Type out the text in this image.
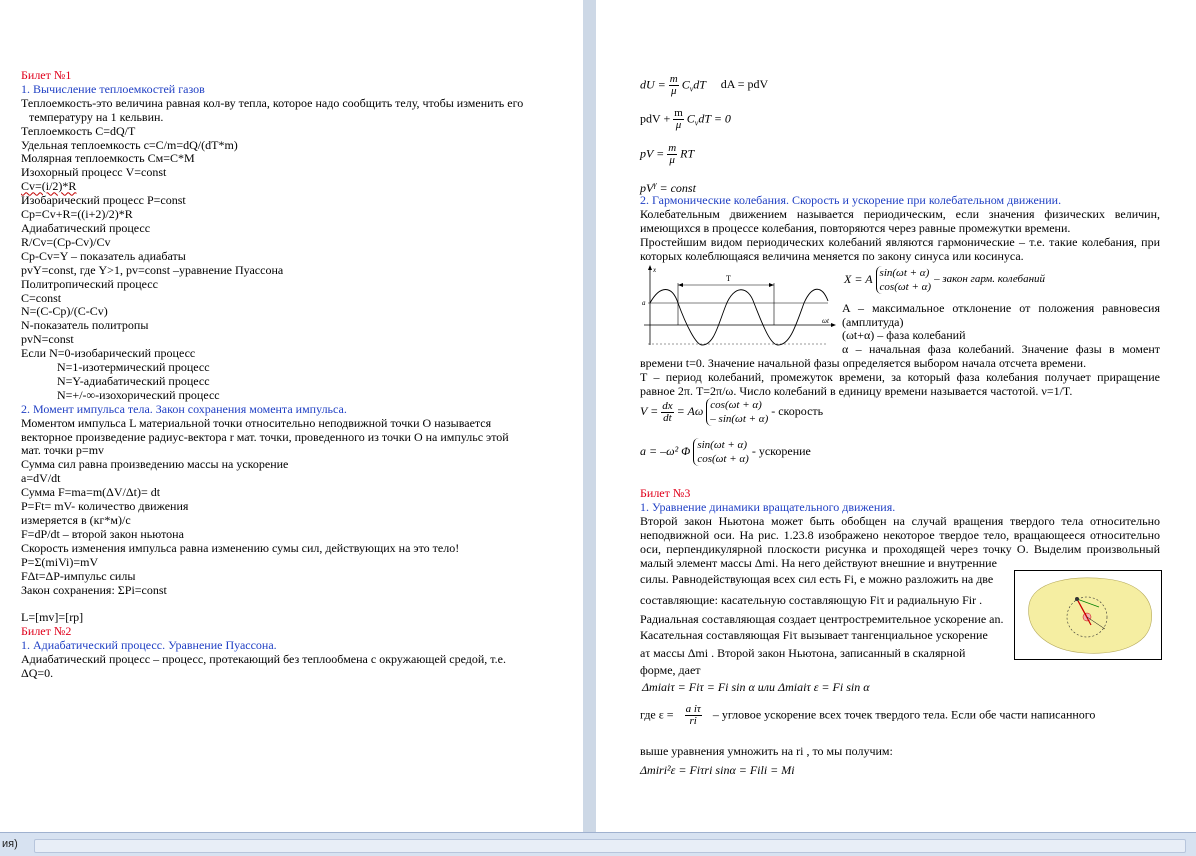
Билет №1

1. Вычисление теплоемкостей газов

Теплоемкость-это величина равная кол-ву тепла, которое надо сообщить телу, чтобы изменить его

температуру на 1 кельвин.

Теплоемкость C=dQ/T

Удельная теплоемкость с=C/m=dQ/(dT*m)

Молярная теплоемкость Cм=C*M

Изохорный процесс V=const

Cv=(i/2)*R

Изобарический процесс P=const

Cp=Cv+R=((i+2)/2)*R

Адиабатический процесс

R/Cv=(Cp-Cv)/Cv

Cp-Cv=Y – показатель адиабаты

pvY=const, где Y>1, pv=const –уравнение Пуассона

Политропический процесс

C=const

N=(C-Cp)/(C-Cv)

N-показатель политропы

pvN=const

Если N=0-изобарический процесс

N=1-изотермический процесс

N=Y-адиабатический процесс

N=+/-∞-изохорический процесс

2. Момент импульса тела. Закон сохранения момента импульса.

Моментом импульса L материальной точки относительно неподвижной точки O называется

векторное произведение радиус-вектора r мат. точки, проведенного из точки O на импульс этой

мат. точки p=mv

Сумма сил равна произведению массы на ускорение

a=dV/dt

Сумма F=ma=m(ΔV/Δt)= dt

P=Ft= mV- количество движения

измеряется в (кг*м)/с

F=dP/dt – второй закон ньютона

Скорость изменения импульса равна изменению сумы сил, действующих на это тело!

P=Σ(miVi)=mV

FΔt=ΔP-импульс силы

Закон сохранения: ΣPi=const

L=[mv]=[rp]

Билет №2

1. Адиабатический процесс. Уравнение Пуассона.

Адиабатический процесс – процесс, протекающий без теплообмена с окружающей средой, т.е.

ΔQ=0.

dU = $\frac{m}{\mu} C_vdT$ dA = pdV
pdV + $\frac{m}{\mu} C_vdT = 0$
pV = $\frac{m}{\mu}$ RT
$pV^\gamma$ = const
2. Гармонические колебания. Скорость и ускорение при колебательном движении.
Колебательным движением называется периодическим, если значения физических величин, имеющихся в процессе колебания, повторяются через равные промежутки времени.
Простейшим видом периодических колебаний являются гармонические – т.е. такие колебания, при которых колеблющаяся величина меняется по закону синуса или косинуса.
T
x
ωt
a
X = A sin(ωt + α)
cos(ωt + α)
– закон гарм. колебаний
A – максимальное отклонение от положения равновесия (амплитуда)
(ωt+α) – фаза колебаний
α – начальная фаза колебаний. Значение фазы в момент времени t=0. Значение начальной фазы определяется выбором начала отсчета времени.
T – период колебаний, промежуток времени, за который фаза колебания получает приращение равное 2π. T=2π/ω. Число колебаний в единицу времени называется частотой. ν=1/T.
$V = \frac{dx}{dt} = A\omega$ cos(ωt + α)
– sin(ωt + α)
- скорость
a = –ω² Φ sin(ωt + α)
cos(ωt + α)
- ускорение
Билет №3
1. Уравнение динамики вращательного движения.
Второй закон Ньютона может быть обобщен на случай вращения твердого тела относительно неподвижной оси. На рис. 1.23.8 изображено некоторое твердое тело, вращающееся относительно оси, перпендикулярной плоскости рисунка и проходящей через точку O. Выделим произвольный малый элемент массы Δmi. На него действуют внешние и внутренние
силы. Равнодействующая всех сил есть Fi, е можно разложить на две
составляющие: касательную составляющую Fiτ и радиальную Fir .
Радиальная составляющая создает центростремительное ускорение an.
Касательная составляющая Fiτ вызывает тангенциальное ускорение
aτ массы Δmi . Второй закон Ньютона, записанный в скалярной
форме, дает
Δmiaiτ = Fiτ = Fi sin α или Δmiaiτ ε = Fi sin α
где $\varepsilon = \frac{\text{a iτ}}{ri}$ – угловое ускорение всех точек твердого тела. Если обе части написанного
выше уравнения умножить на ri , то мы получим:
Δmiri²ε = Fiτri sinα = Fili = Mi
ия)
